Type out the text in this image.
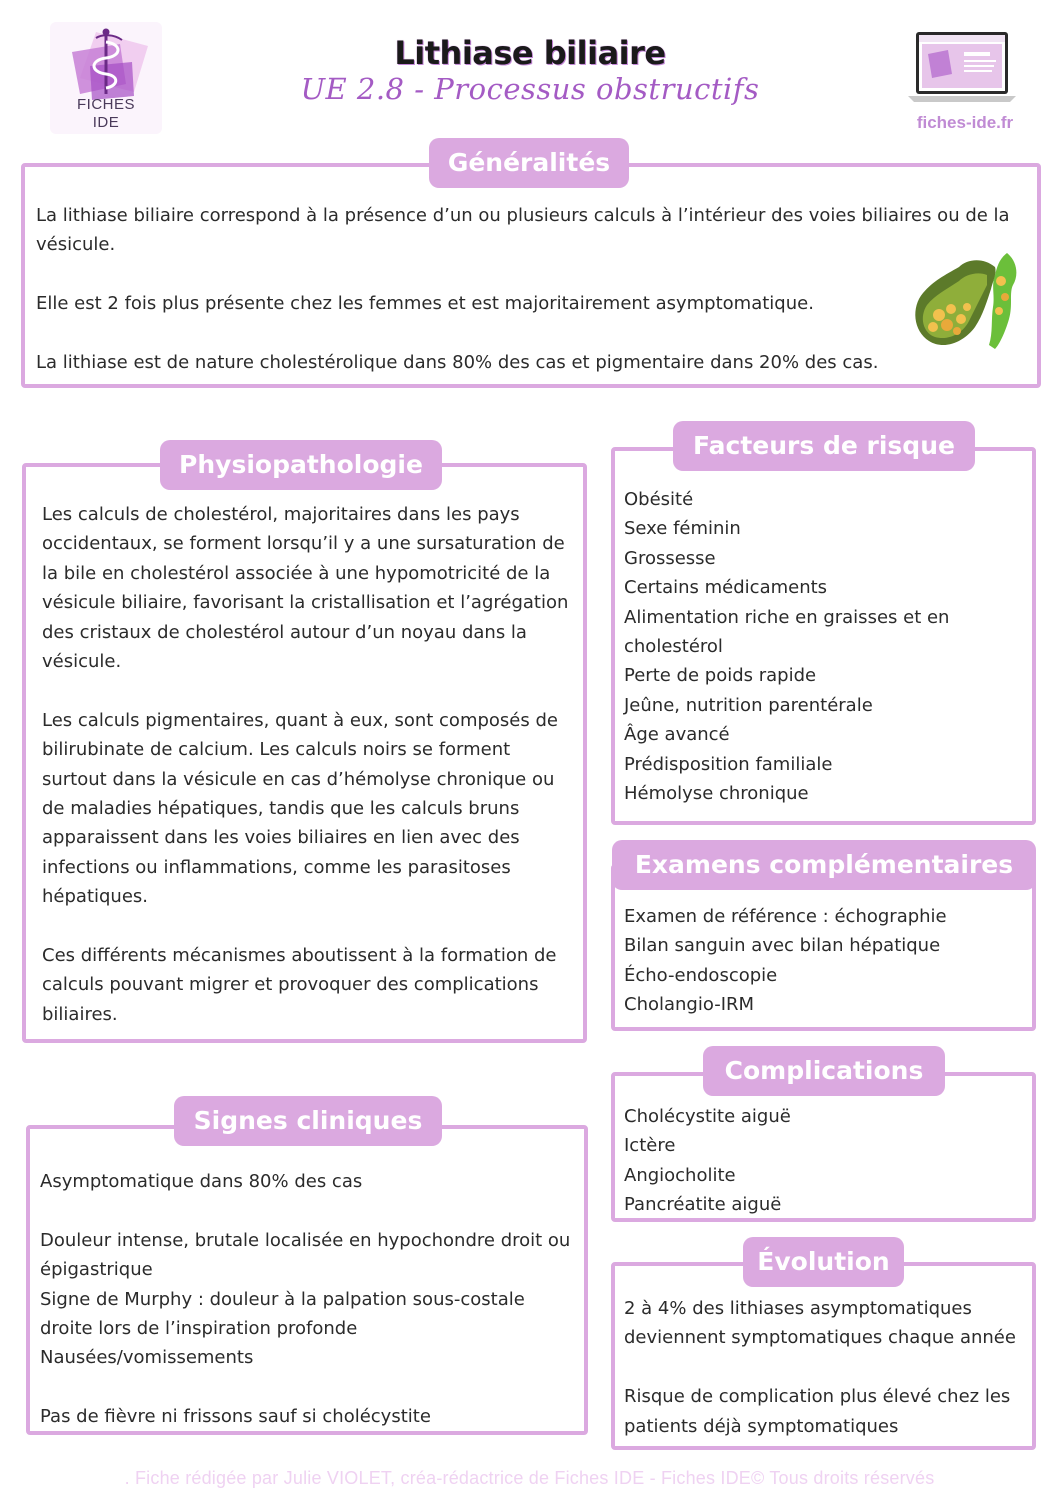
FICHES
IDE
Lithiase biliaire
UE 2.8 - Processus obstructifs
fiches-ide.fr
La lithiase biliaire correspond à la présence d’un ou plusieurs calculs à l’intérieur des voies biliaires ou de la vésicule.
Elle est 2 fois plus présente chez les femmes et est majoritairement asymptomatique.
La lithiase est de nature cholestérolique dans 80% des cas et pigmentaire dans 20% des cas.
Généralités
Les calculs de cholestérol, majoritaires dans les pays occidentaux, se forment lorsqu’il y a une sursaturation de la bile en cholestérol associée à une hypomotricité de la vésicule biliaire, favorisant la cristallisation et l’agrégation des cristaux de cholestérol autour d’un noyau dans la vésicule.
Les calculs pigmentaires, quant à eux, sont composés de bilirubinate de calcium. Les calculs noirs se forment surtout dans la vésicule en cas d’hémolyse chronique ou de maladies hépatiques, tandis que les calculs bruns apparaissent dans les voies biliaires en lien avec des infections ou inflammations, comme les parasitoses hépatiques.
Ces différents mécanismes aboutissent à la formation de calculs pouvant migrer et provoquer des complications biliaires.
Physiopathologie
Obésité
Sexe féminin
Grossesse
Certains médicaments
Alimentation riche en graisses et en cholestérol
Perte de poids rapide
Jeûne, nutrition parentérale
Âge avancé
Prédisposition familiale
Hémolyse chronique
Facteurs de risque
Examen de référence : échographie
Bilan sanguin avec bilan hépatique
Écho-endoscopie
Cholangio-IRM
Examens complémentaires
Cholécystite aiguë
Ictère
Angiocholite
Pancréatite aiguë
Complications
Asymptomatique dans 80% des cas
Douleur intense, brutale localisée en hypochondre droit ou épigastrique
Signe de Murphy : douleur à la palpation sous-costale droite lors de l’inspiration profonde
Nausées/vomissements
Pas de fièvre ni frissons sauf si cholécystite
Signes cliniques
2 à 4% des lithiases asymptomatiques deviennent symptomatiques chaque année
Risque de complication plus élevé chez les patients déjà symptomatiques
Évolution
. Fiche rédigée par Julie VIOLET, créa-rédactrice de Fiches IDE - Fiches IDE© Tous droits réservés
